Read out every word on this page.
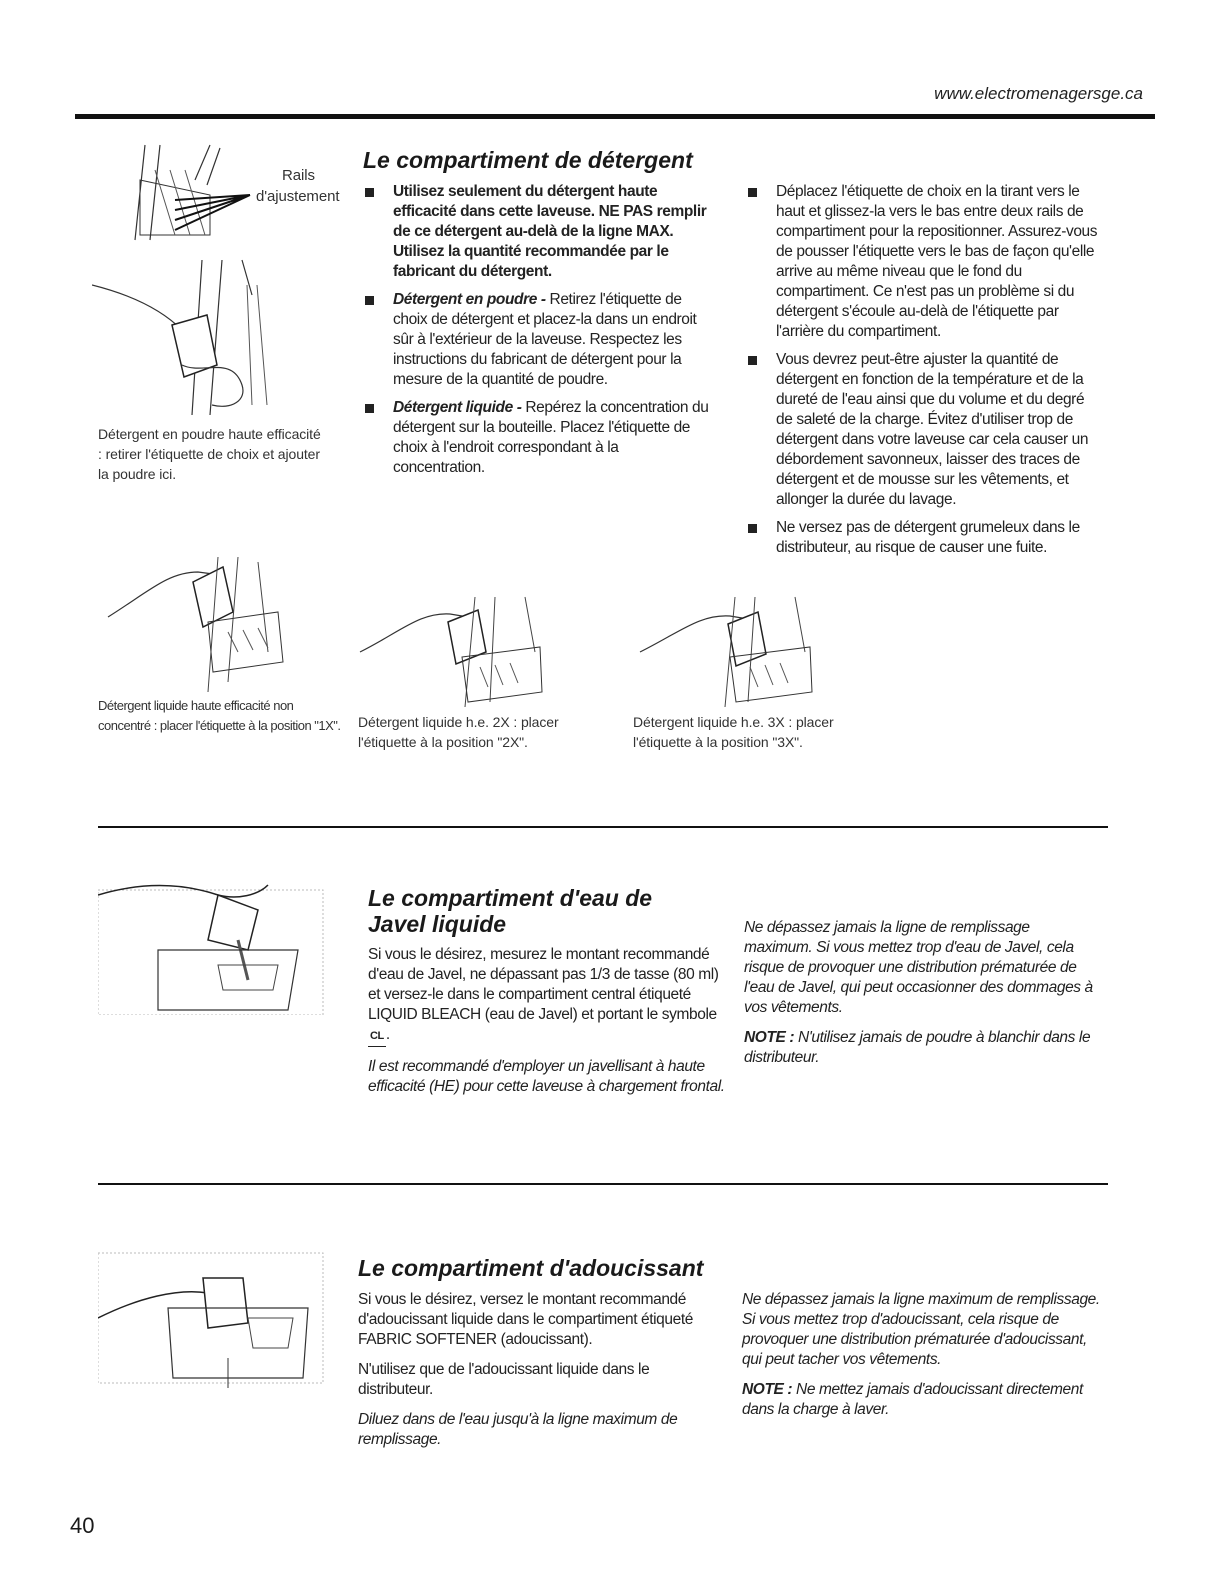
www.electromenagersge.ca
Rails
d'ajustement
Détergent en poudre haute efficacité : retirer l'étiquette de choix et ajouter la poudre ici.
Le compartiment de détergent
Utilisez seulement du détergent haute efficacité dans cette laveuse. NE PAS remplir de ce détergent au-delà de la ligne MAX. Utilisez la quantité recommandée par le fabricant du détergent.
Détergent en poudre - Retirez l'étiquette de choix de détergent et placez-la dans un endroit sûr à l'extérieur de la laveuse. Respectez les instructions du fabricant de détergent pour la mesure de la quantité de poudre.
Détergent liquide - Repérez la concentration du détergent sur la bouteille. Placez l'étiquette de choix à l'endroit correspondant à la concentration.
Déplacez l'étiquette de choix en la tirant vers le haut et glissez-la vers le bas entre deux rails de compartiment pour la repositionner. Assurez-vous de pousser l'étiquette vers le bas de façon qu'elle arrive au même niveau que le fond du compartiment. Ce n'est pas un problème si du détergent s'écoule au-delà de l'étiquette par l'arrière du compartiment.
Vous devrez peut-être ajuster la quantité de détergent en fonction de la température et de la dureté de l'eau ainsi que du volume et du degré de saleté de la charge. Évitez d'utiliser trop de détergent dans votre laveuse car cela causer un débordement savonneux, laisser des traces de détergent et de mousse sur les vêtements, et allonger la durée du lavage.
Ne versez pas de détergent grumeleux dans le distributeur, au risque de causer une fuite.
Détergent liquide haute efficacité non concentré : placer l'étiquette à la position "1X". Détergent liquide h.e. 2X : placer l'étiquette à la position "2X".
Détergent liquide h.e. 3X : placer l'étiquette à la position "3X".
Le compartiment d'eau de Javel liquide

Si vous le désirez, mesurez le montant recommandé d'eau de Javel, ne dépassant pas 1/3 de tasse (80 ml) et versez-le dans le compartiment central étiqueté LIQUID BLEACH (eau de Javel) et portant le symbole CL .

Il est recommandé d'employer un javellisant à haute efficacité (HE) pour cette laveuse à chargement frontal.

Ne dépassez jamais la ligne de remplissage maximum. Si vous mettez trop d'eau de Javel, cela risque de provoquer une distribution prématurée de l'eau de Javel, qui peut occasionner des dommages à vos vêtements.

NOTE : N'utilisez jamais de poudre à blanchir dans le distributeur.

Le compartiment d'adoucissant

Si vous le désirez, versez le montant recommandé d'adoucissant liquide dans le compartiment étiqueté FABRIC SOFTENER (adoucissant).

N'utilisez que de l'adoucissant liquide dans le distributeur.

Diluez dans de l'eau jusqu'à la ligne maximum de remplissage.

Ne dépassez jamais la ligne maximum de remplissage. Si vous mettez trop d'adoucissant, cela risque de provoquer une distribution prématurée d'adoucissant, qui peut tacher vos vêtements.

NOTE : Ne mettez jamais d'adoucissant directement dans la charge à laver.

40
